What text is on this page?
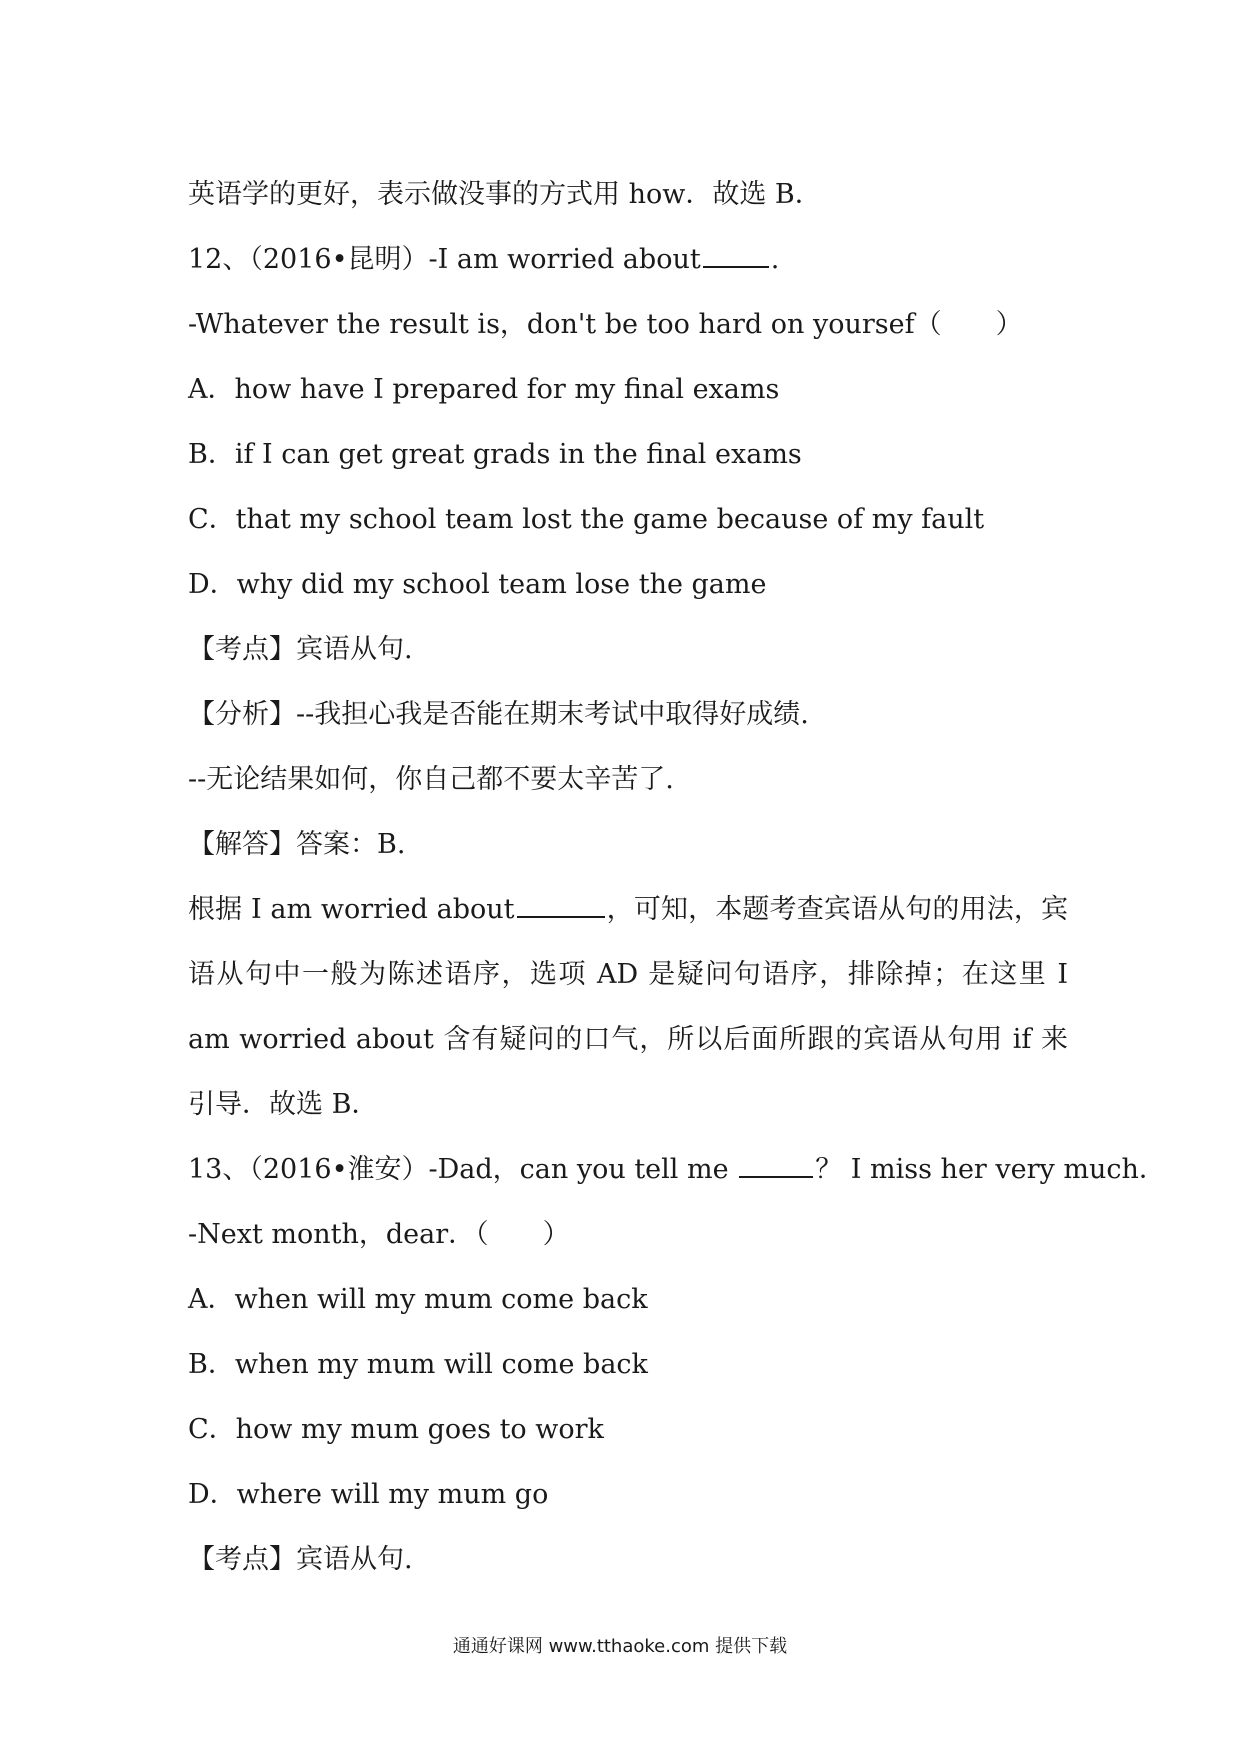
英语学的更好，表示做没事的方式用 how．故选 B．
12、（2016•昆明）-I am worried about	.
-Whatever the result is，don't be too hard on yoursef（　　）
A．how have I prepared for my final exams
B．if I can get great grads in the final exams
C．that my school team lost the game because of my fault
D．why did my school team lose the game
【考点】宾语从句.
【分析】--我担心我是否能在期末考试中取得好成绩.
--无论结果如何，你自己都不要太辛苦了.
【解答】答案：B.
根据 I am worried about	，可知，本题考查宾语从句的用法，宾语从句中一般为陈述语序，选项 AD 是疑问句语序，排除掉；在这里 I am worried about 含有疑问的口气，所以后面所跟的宾语从句用 if 来引导．故选 B．
13、（2016•淮安）-Dad，can you tell me	？ I miss her very much．
-Next month，dear．（　　）
A．when will my mum come back
B．when my mum will come back
C．how my mum goes to work
D．where will my mum go
【考点】宾语从句.
通通好课网 www.tthaoke.com 提供下载
